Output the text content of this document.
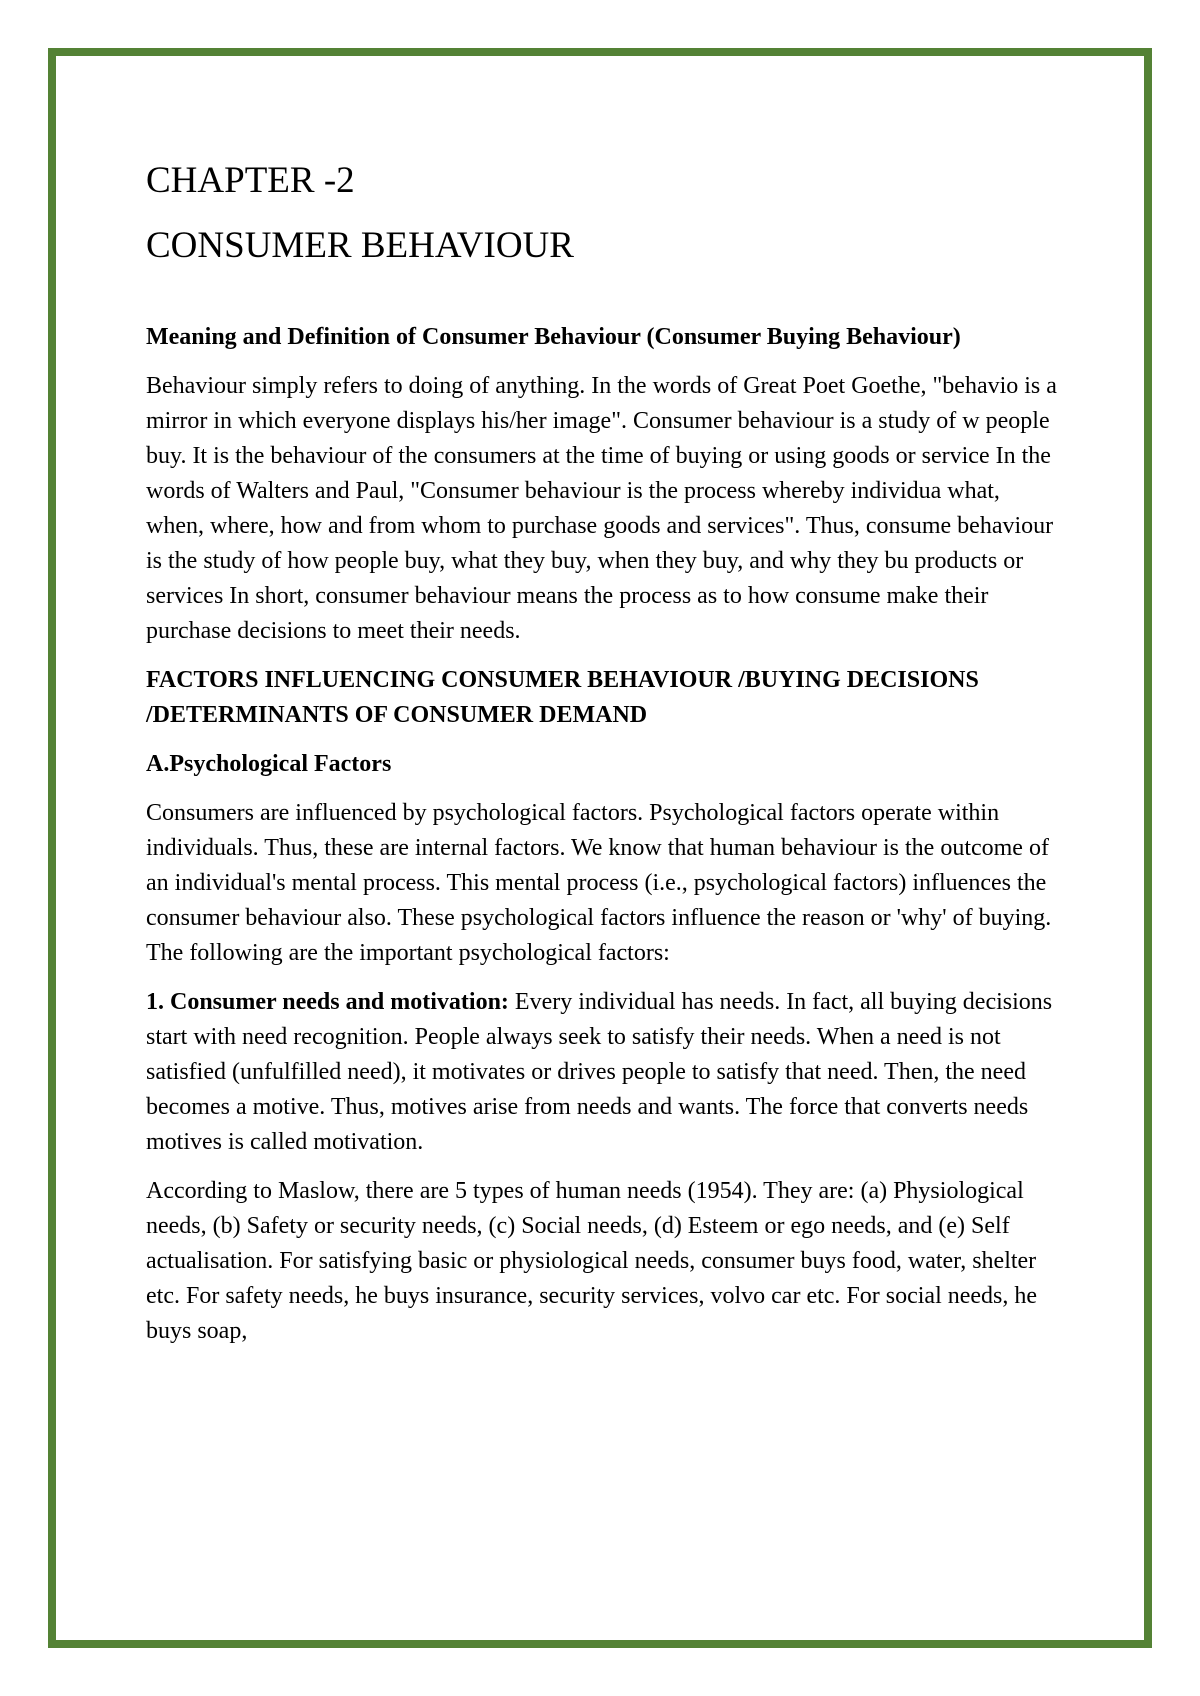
CHAPTER -2
CONSUMER BEHAVIOUR

Meaning and Definition of Consumer Behaviour (Consumer Buying Behaviour)

Behaviour simply refers to doing of anything. In the words of Great Poet Goethe, "behavio is a mirror in which everyone displays his/her image". Consumer behaviour is a study of w people buy. It is the behaviour of the consumers at the time of buying or using goods or service In the words of Walters and Paul, "Consumer behaviour is the process whereby individua what, when, where, how and from whom to purchase goods and services". Thus, consume behaviour is the study of how people buy, what they buy, when they buy, and why they bu products or services In short, consumer behaviour means the process as to how consume make their purchase decisions to meet their needs.

FACTORS INFLUENCING CONSUMER BEHAVIOUR /BUYING DECISIONS /DETERMINANTS OF CONSUMER DEMAND

A.Psychological Factors

Consumers are influenced by psychological factors. Psychological factors operate within individuals. Thus, these are internal factors. We know that human behaviour is the outcome of an individual's mental process. This mental process (i.e., psychological factors) influences the consumer behaviour also. These psychological factors influence the reason or 'why' of buying. The following are the important psychological factors:

1. Consumer needs and motivation: Every individual has needs. In fact, all buying decisions start with need recognition. People always seek to satisfy their needs. When a need is not satisfied (unfulfilled need), it motivates or drives people to satisfy that need. Then, the need becomes a motive. Thus, motives arise from needs and wants. The force that converts needs motives is called motivation.

According to Maslow, there are 5 types of human needs (1954). They are: (a) Physiological needs, (b) Safety or security needs, (c) Social needs, (d) Esteem or ego needs, and (e) Self actualisation. For satisfying basic or physiological needs, consumer buys food, water, shelter etc. For safety needs, he buys insurance, security services, volvo car etc. For social needs, he buys soap,
